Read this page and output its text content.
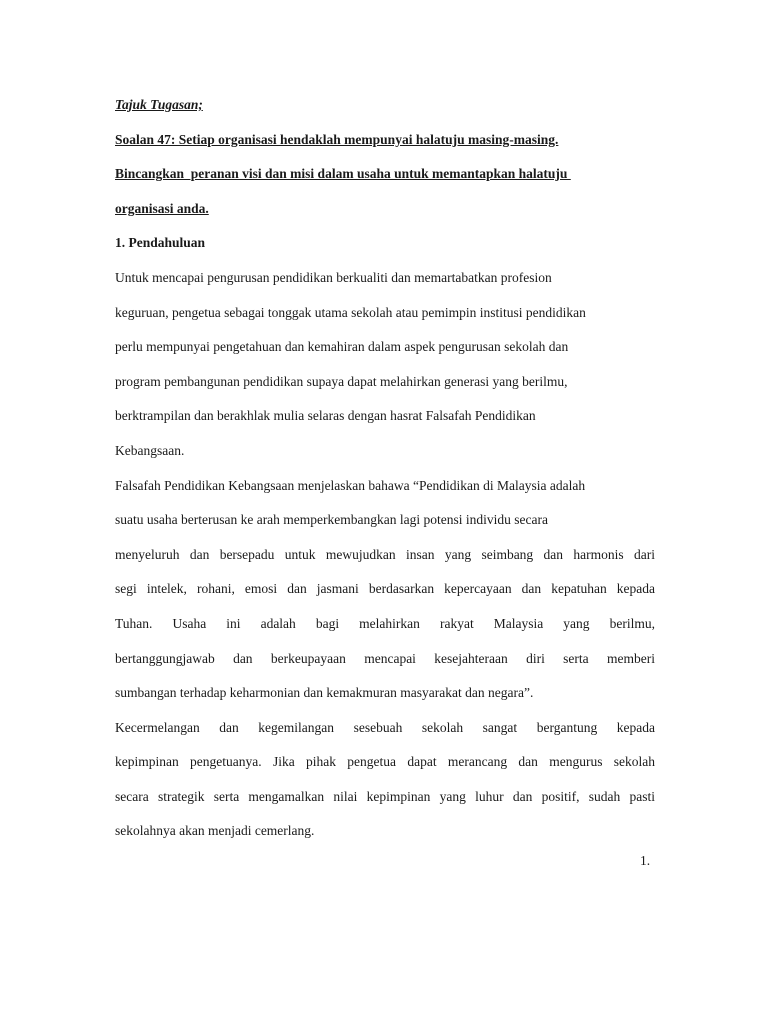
Tajuk Tugasan;
Soalan 47: Setiap organisasi hendaklah mempunyai halatuju masing-masing.
Bincangkan  peranan visi dan misi dalam usaha untuk memantapkan halatuju
organisasi anda.
1. Pendahuluan
Untuk mencapai pengurusan pendidikan berkualiti dan memartabatkan profesion
keguruan, pengetua sebagai tonggak utama sekolah atau pemimpin institusi pendidikan
perlu mempunyai pengetahuan dan kemahiran dalam aspek pengurusan sekolah dan
program pembangunan pendidikan supaya dapat melahirkan generasi yang berilmu,
berktrampilan dan berakhlak mulia selaras dengan hasrat Falsafah Pendidikan
Kebangsaan.
Falsafah Pendidikan Kebangsaan menjelaskan bahawa “Pendidikan di Malaysia adalah
suatu usaha berterusan ke arah memperkembangkan lagi potensi individu secara
menyeluruh dan bersepadu untuk mewujudkan insan yang seimbang dan harmonis dari
segi intelek, rohani, emosi dan jasmani berdasarkan kepercayaan dan kepatuhan kepada
Tuhan. Usaha ini adalah bagi melahirkan rakyat Malaysia yang berilmu,
bertanggungjawab dan berkeupayaan mencapai kesejahteraan diri serta memberi
sumbangan terhadap keharmonian dan kemakmuran masyarakat dan negara”.
Kecermelangan dan kegemilangan sesebuah sekolah sangat bergantung kepada
kepimpinan pengetuanya. Jika pihak pengetua dapat merancang dan mengurus sekolah
secara strategik serta mengamalkan nilai kepimpinan yang luhur dan positif, sudah pasti
sekolahnya akan menjadi cemerlang.
1.
